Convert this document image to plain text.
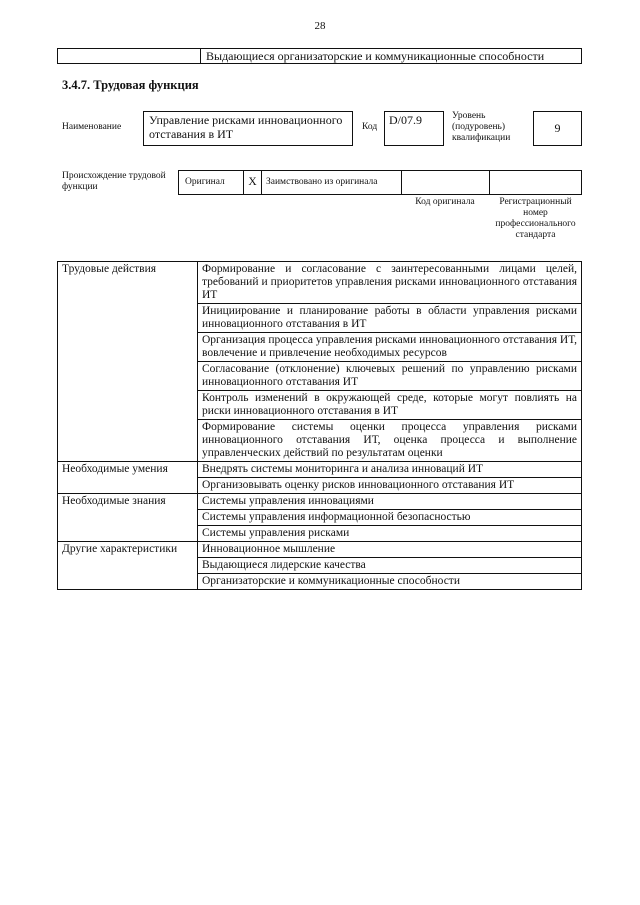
28
Выдающиеся организаторские и коммуникационные способности
3.4.7. Трудовая функция
Наименование	Управление рисками инновационного отставания в ИТ	Код D/07.9	Уровень (подуровень) квалификации
9
Происхождение трудовой функции	Оригинал	X Заимствовано из оригинала
Код оригинала	Регистрационный номер профессионального стандарта
Трудовые действия	Формирование и согласование с заинтересованными лицами целей, требований и приоритетов управления рисками инновационного отставания ИТ
	Инициирование и планирование работы в области управления рисками инновационного отставания в ИТ
	Организация процесса управления рисками инновационного отставания ИТ, вовлечение и привлечение необходимых ресурсов
	Согласование (отклонение) ключевых решений по управлению рисками инновационного отставания ИТ
	Контроль изменений в окружающей среде, которые могут повлиять на риски инновационного отставания в ИТ
	Формирование системы оценки процесса управления рисками инновационного отставания ИТ, оценка процесса и выполнение управленческих действий по результатам оценки
Необходимые умения	Внедрять системы мониторинга и анализа инноваций ИТ
	Организовывать оценку рисков инновационного отставания ИТ
Необходимые знания	Системы управления инновациями
	Системы управления информационной безопасностью
	Системы управления рисками
Другие характеристики	Инновационное мышление
	Выдающиеся лидерские качества
	Организаторские и коммуникационные способности
